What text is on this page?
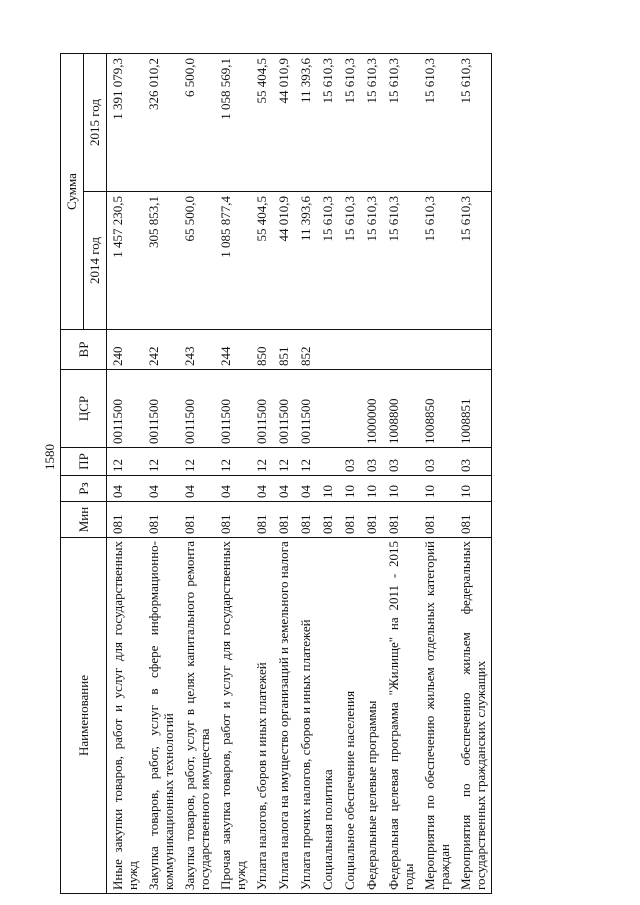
1580
Наименование	Мин	Рз	ПР	ЦСР	ВР	Сумма	
						2014 год	2015 год
Иные закупки товаров, работ и услуг для государственных нужд	081	04	12	0011500	240	1 457 230,5	1 391 079,3
Закупка товаров, работ, услуг в сфере информационно-коммуникационных технологий	081	04	12	0011500	242	305 853,1	326 010,2
Закупка товаров, работ, услуг в целях капитального ремонта государственного имущества	081	04	12	0011500	243	65 500,0	6 500,0
Прочая закупка товаров, работ и услуг для государственных нужд	081	04	12	0011500	244	1 085 877,4	1 058 569,1
Уплата налогов, сборов и иных платежей	081	04	12	0011500	850	55 404,5	55 404,5
Уплата налога на имущество организаций и земельного налога	081	04	12	0011500	851	44 010,9	44 010,9
Уплата прочих налогов, сборов и иных платежей	081	04	12	0011500	852	11 393,6	11 393,6
Социальная политика	081	10				15 610,3	15 610,3
Социальное обеспечение населения	081	10	03			15 610,3	15 610,3
Федеральные целевые программы	081	10	03	1000000		15 610,3	15 610,3
Федеральная целевая программа "Жилище" на 2011 - 2015 годы	081	10	03	1008800		15 610,3	15 610,3
Мероприятия по обеспечению жильем отдельных категорий граждан	081	10	03	1008850		15 610,3	15 610,3
Мероприятия по обеспечению жильем федеральных государственных гражданских служащих	081	10	03	1008851		15 610,3	15 610,3
